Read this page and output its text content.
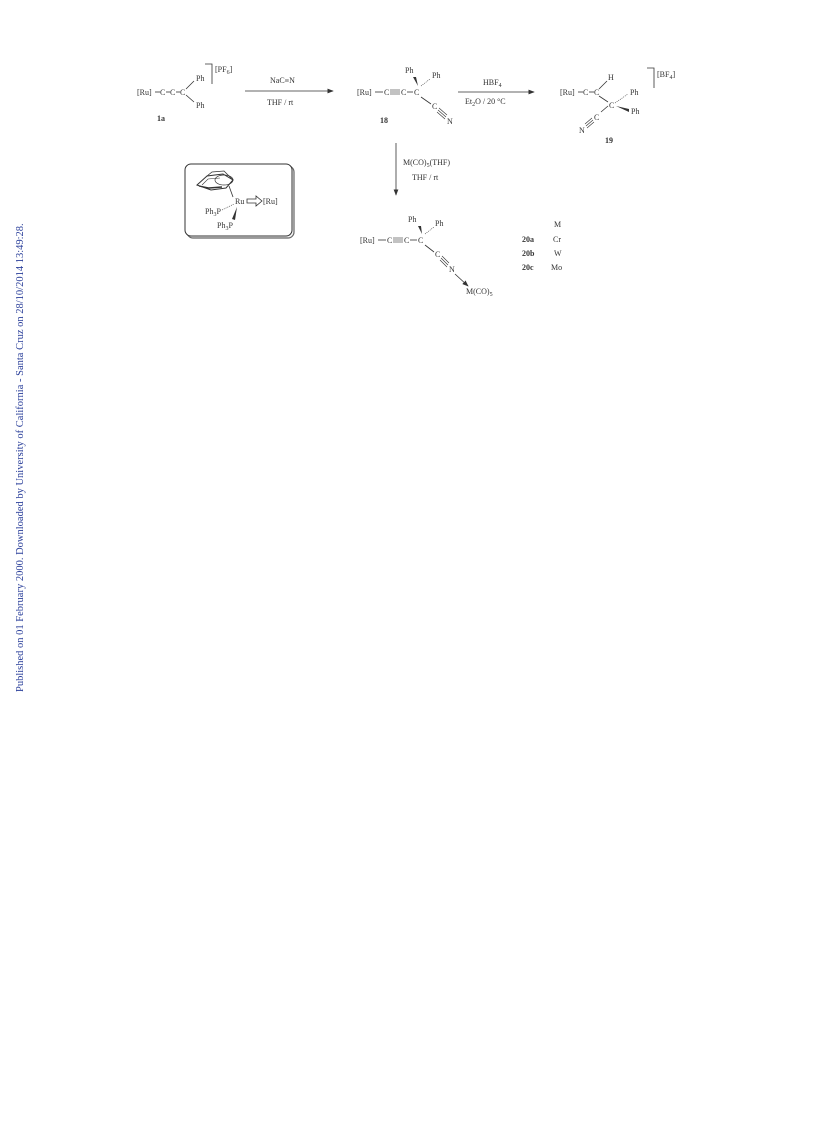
Published on 01 February 2000. Downloaded by University of California - Santa Cruz on 28/10/2014 13:49:28.
[Ru] C C C
Ph
Ph
$[PF_6]$
1a
NaC≡N
THF / rt
[Ru] C C C
Ph
Ph
C
N
18
$HBF_4$
$Et_2O / 20$ °C
[Ru] C C
H
C
Ph
Ph
C
N
$[BF_4]$
19
$M(CO)_5(THF)$
THF / rt
Ru [Ru]
$Ph_3P$
$Ph_3P$
[Ru] C C C
Ph Ph
C
N
$M(CO)_5$
M
20a Cr
20b W
20c Mo
